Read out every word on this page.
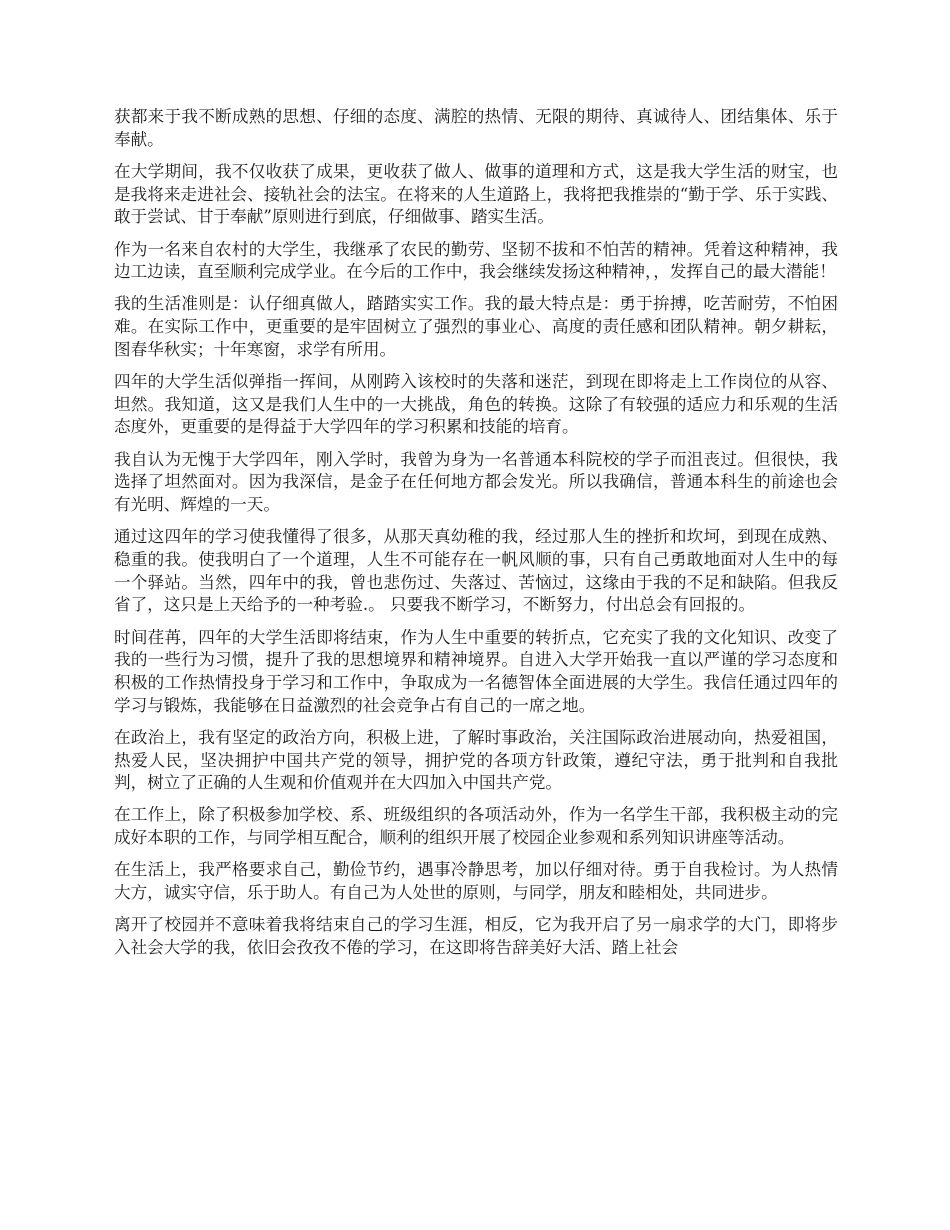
获都来于我不断成熟的思想、仔细的态度、满腔的热情、无限的期待、真诚待人、团结集体、乐于奉献。

在大学期间，我不仅收获了成果，更收获了做人、做事的道理和方式，这是我大学生活的财宝，也是我将来走进社会、接轨社会的法宝。在将来的人生道路上，我将把我推崇的“勤于学、乐于实践、敢于尝试、甘于奉献”原则进行到底，仔细做事、踏实生活。

作为一名来自农村的大学生，我继承了农民的勤劳、坚韧不拔和不怕苦的精神。凭着这种精神，我边工边读，直至顺利完成学业。在今后的工作中，我会继续发扬这种精神，，发挥自己的最大潜能！

我的生活准则是：认仔细真做人，踏踏实实工作。我的最大特点是：勇于拚搏，吃苦耐劳，不怕困难。在实际工作中，更重要的是牢固树立了强烈的事业心、高度的责任感和团队精神。朝夕耕耘，图春华秋实；十年寒窗，求学有所用。

四年的大学生活似弹指一挥间，从刚跨入该校时的失落和迷茫，到现在即将走上工作岗位的从容、坦然。我知道，这又是我们人生中的一大挑战，角色的转换。这除了有较强的适应力和乐观的生活态度外，更重要的是得益于大学四年的学习积累和技能的培育。

我自认为无愧于大学四年，刚入学时，我曾为身为一名普通本科院校的学子而沮丧过。但很快，我选择了坦然面对。因为我深信，是金子在任何地方都会发光。所以我确信，普通本科生的前途也会有光明、辉煌的一天。

通过这四年的学习使我懂得了很多，从那天真幼稚的我，经过那人生的挫折和坎坷，到现在成熟、稳重的我。使我明白了一个道理，人生不可能存在一帆风顺的事，只有自己勇敢地面对人生中的每一个驿站。当然，四年中的我，曾也悲伤过、失落过、苦恼过，这缘由于我的不足和缺陷。但我反省了，这只是上天给予的一种考验.。 只要我不断学习，不断努力，付出总会有回报的。

时间荏苒，四年的大学生活即将结束，作为人生中重要的转折点，它充实了我的文化知识、改变了我的一些行为习惯，提升了我的思想境界和精神境界。自进入大学开始我一直以严谨的学习态度和积极的工作热情投身于学习和工作中，争取成为一名德智体全面进展的大学生。我信任通过四年的学习与锻炼，我能够在日益激烈的社会竞争占有自己的一席之地。

在政治上，我有坚定的政治方向，积极上进，了解时事政治，关注国际政治进展动向，热爱祖国，热爱人民，坚决拥护中国共产党的领导，拥护党的各项方针政策，遵纪守法，勇于批判和自我批判，树立了正确的人生观和价值观并在大四加入中国共产党。

在工作上，除了积极参加学校、系、班级组织的各项活动外，作为一名学生干部，我积极主动的完成好本职的工作，与同学相互配合，顺利的组织开展了校园企业参观和系列知识讲座等活动。

在生活上，我严格要求自己，勤俭节约，遇事冷静思考，加以仔细对待。勇于自我检讨。为人热情大方，诚实守信，乐于助人。有自己为人处世的原则，与同学，朋友和睦相处，共同进步。

离开了校园并不意味着我将结束自己的学习生涯，相反，它为我开启了另一扇求学的大门，即将步入社会大学的我，依旧会孜孜不倦的学习，在这即将告辞美好大活、踏上社会
